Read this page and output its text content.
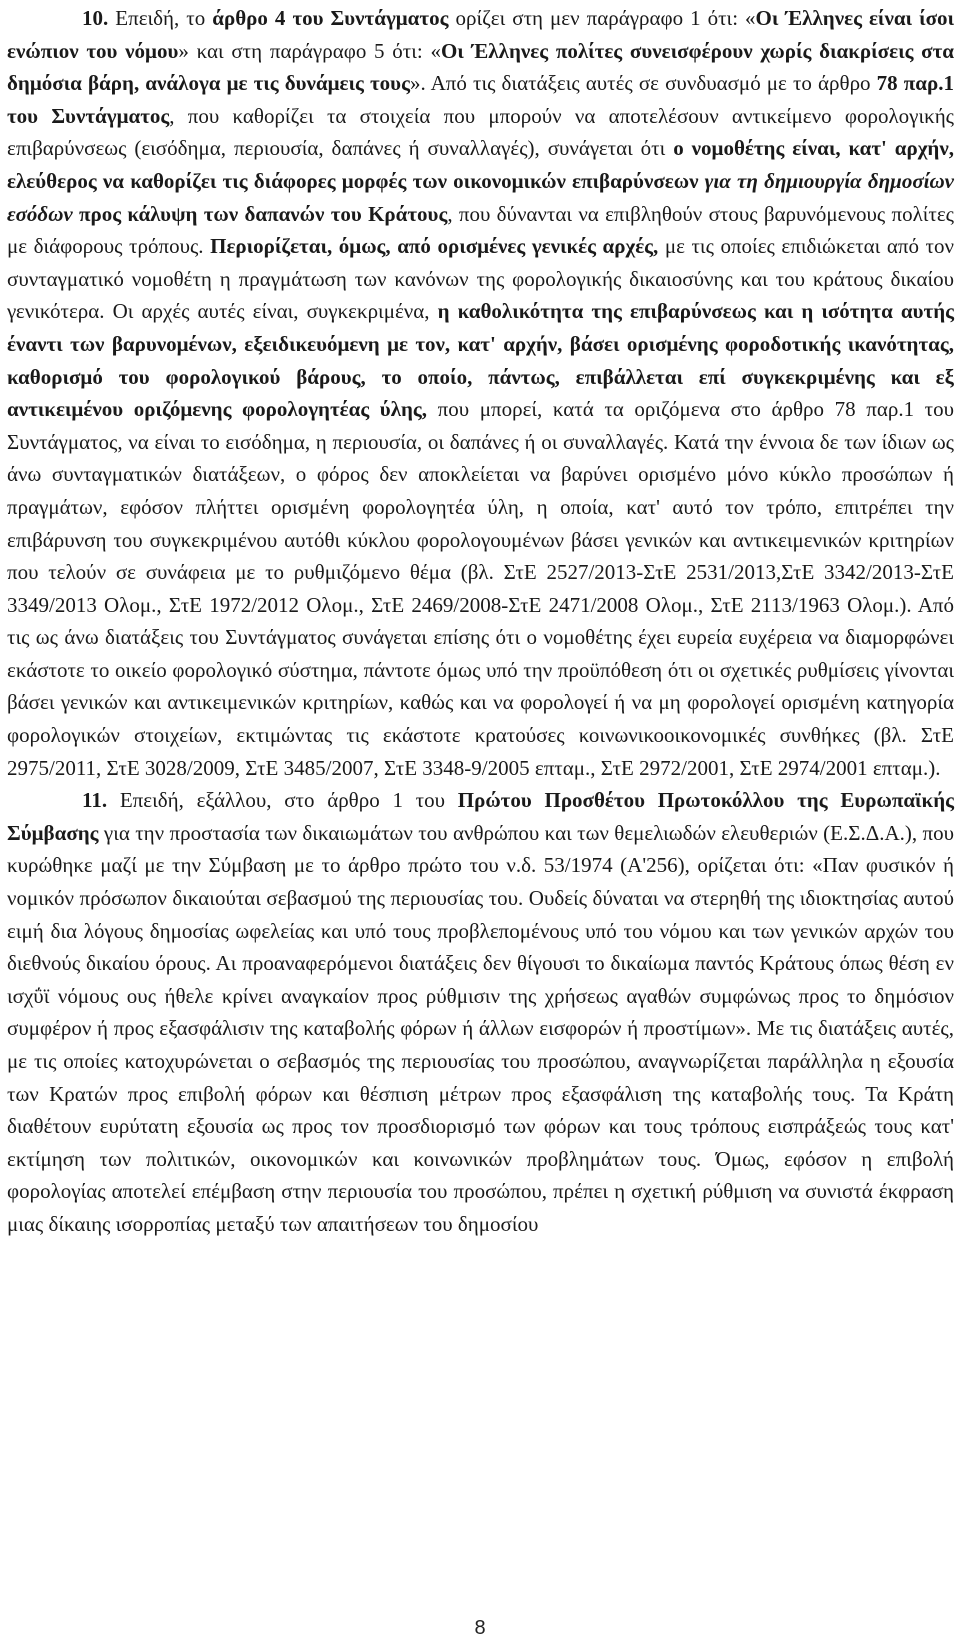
10. Επειδή, το άρθρο 4 του Συντάγματος ορίζει στη μεν παράγραφο 1 ότι: «Οι Έλληνες είναι ίσοι ενώπιον του νόμου» και στη παράγραφο 5 ότι: «Οι Έλληνες πολίτες συνεισφέρουν χωρίς διακρίσεις στα δημόσια βάρη, ανάλογα με τις δυνάμεις τους». Από τις διατάξεις αυτές σε συνδυασμό με το άρθρο 78 παρ.1 του Συντάγματος, που καθορίζει τα στοιχεία που μπορούν να αποτελέσουν αντικείμενο φορολογικής επιβαρύνσεως (εισόδημα, περιουσία, δαπάνες ή συναλλαγές), συνάγεται ότι ο νομοθέτης είναι, κατ' αρχήν, ελεύθερος να καθορίζει τις διάφορες μορφές των οικονομικών επιβαρύνσεων για τη δημιουργία δημοσίων εσόδων προς κάλυψη των δαπανών του Κράτους, που δύνανται να επιβληθούν στους βαρυνόμενους πολίτες με διάφορους τρόπους. Περιορίζεται, όμως, από ορισμένες γενικές αρχές, με τις οποίες επιδιώκεται από τον συνταγματικό νομοθέτη η πραγμάτωση των κανόνων της φορολογικής δικαιοσύνης και του κράτους δικαίου γενικότερα. Οι αρχές αυτές είναι, συγκεκριμένα, η καθολικότητα της επιβαρύνσεως και η ισότητα αυτής έναντι των βαρυνομένων, εξειδικευόμενη με τον, κατ' αρχήν, βάσει ορισμένης φοροδοτικής ικανότητας, καθορισμό του φορολογικού βάρους, το οποίο, πάντως, επιβάλλεται επί συγκεκριμένης και εξ αντικειμένου οριζόμενης φορολογητέας ύλης, που μπορεί, κατά τα οριζόμενα στο άρθρο 78 παρ.1 του Συντάγματος, να είναι το εισόδημα, η περιουσία, οι δαπάνες ή οι συναλλαγές. Κατά την έννοια δε των ίδιων ως άνω συνταγματικών διατάξεων, ο φόρος δεν αποκλείεται να βαρύνει ορισμένο μόνο κύκλο προσώπων ή πραγμάτων, εφόσον πλήττει ορισμένη φορολογητέα ύλη, η οποία, κατ' αυτό τον τρόπο, επιτρέπει την επιβάρυνση του συγκεκριμένου αυτόθι κύκλου φορολογουμένων βάσει γενικών και αντικειμενικών κριτηρίων που τελούν σε συνάφεια με το ρυθμιζόμενο θέμα (βλ. ΣτΕ 2527/2013-ΣτΕ 2531/2013,ΣτΕ 3342/2013-ΣτΕ 3349/2013 Ολομ., ΣτΕ 1972/2012 Ολομ., ΣτΕ 2469/2008-ΣτΕ 2471/2008 Ολομ., ΣτΕ 2113/1963 Ολομ.). Από τις ως άνω διατάξεις του Συντάγματος συνάγεται επίσης ότι ο νομοθέτης έχει ευρεία ευχέρεια να διαμορφώνει εκάστοτε το οικείο φορολογικό σύστημα, πάντοτε όμως υπό την προϋπόθεση ότι οι σχετικές ρυθμίσεις γίνονται βάσει γενικών και αντικειμενικών κριτηρίων, καθώς και να φορολογεί ή να μη φορολογεί ορισμένη κατηγορία φορολογικών στοιχείων, εκτιμώντας τις εκάστοτε κρατούσες κοινωνικοοικονομικές συνθήκες (βλ. ΣτΕ 2975/2011, ΣτΕ 3028/2009, ΣτΕ 3485/2007, ΣτΕ 3348-9/2005 επταμ., ΣτΕ 2972/2001, ΣτΕ 2974/2001 επταμ.).

11. Επειδή, εξάλλου, στο άρθρο 1 του Πρώτου Προσθέτου Πρωτοκόλλου της Ευρωπαϊκής Σύμβασης για την προστασία των δικαιωμάτων του ανθρώπου και των θεμελιωδών ελευθεριών (Ε.Σ.Δ.Α.), που κυρώθηκε μαζί με την Σύμβαση με το άρθρο πρώτο του ν.δ. 53/1974 (Α'256), ορίζεται ότι: «Παν φυσικόν ή νομικόν πρόσωπον δικαιούται σεβασμού της περιουσίας του. Ουδείς δύναται να στερηθή της ιδιοκτησίας αυτού ειμή δια λόγους δημοσίας ωφελείας και υπό τους προβλεπομένους υπό του νόμου και των γενικών αρχών του διεθνούς δικαίου όρους. Αι προαναφερόμενοι διατάξεις δεν θίγουσι το δικαίωμα παντός Κράτους όπως θέση εν ισχΰϊ νόμους ους ήθελε κρίνει αναγκαίον προς ρύθμισιν της χρήσεως αγαθών συμφώνως προς το δημόσιον συμφέρον ή προς εξασφάλισιν της καταβολής φόρων ή άλλων εισφορών ή προστίμων». Με τις διατάξεις αυτές, με τις οποίες κατοχυρώνεται ο σεβασμός της περιουσίας του προσώπου, αναγνωρίζεται παράλληλα η εξουσία των Κρατών προς επιβολή φόρων και θέσπιση μέτρων προς εξασφάλιση της καταβολής τους. Τα Κράτη διαθέτουν ευρύτατη εξουσία ως προς τον προσδιορισμό των φόρων και τους τρόπους εισπράξεώς τους κατ' εκτίμηση των πολιτικών, οικονομικών και κοινωνικών προβλημάτων τους. Όμως, εφόσον η επιβολή φορολογίας αποτελεί επέμβαση στην περιουσία του προσώπου, πρέπει η σχετική ρύθμιση να συνιστά έκφραση μιας δίκαιης ισορροπίας μεταξύ των απαιτήσεων του δημοσίου

8
